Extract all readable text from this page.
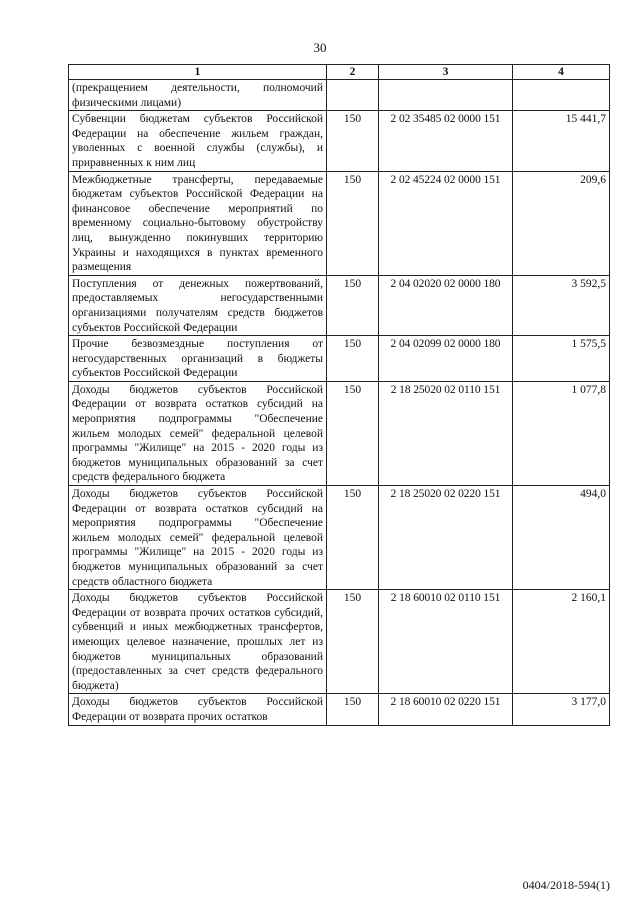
30
1	2	3	4
(прекращением деятельности, полномочий физическими лицами)			
Субвенции бюджетам субъектов Российской Федерации на обеспечение жильем граждан, уволенных с военной службы (службы), и приравненных к ним лиц	150	2 02 35485 02 0000 151	15 441,7
Межбюджетные трансферты, передаваемые бюджетам субъектов Российской Федерации на финансовое обеспечение мероприятий по временному социально-бытовому обустройству лиц, вынужденно покинувших территорию Украины и находящихся в пунктах временного размещения	150	2 02 45224 02 0000 151	209,6
Поступления от денежных пожертвований, предоставляемых негосударственными организациями получателям средств бюджетов субъектов Российской Федерации	150	2 04 02020 02 0000 180	3 592,5
Прочие безвозмездные поступления от негосударственных организаций в бюджеты субъектов Российской Федерации	150	2 04 02099 02 0000 180	1 575,5
Доходы бюджетов субъектов Российской Федерации от возврата остатков субсидий на мероприятия подпрограммы "Обеспечение жильем молодых семей" федеральной целевой программы "Жилище" на 2015 - 2020 годы из бюджетов муниципальных образований за счет средств федерального бюджета	150	2 18 25020 02 0110 151	1 077,8
Доходы бюджетов субъектов Российской Федерации от возврата остатков субсидий на мероприятия подпрограммы "Обеспечение жильем молодых семей" федеральной целевой программы "Жилище" на 2015 - 2020 годы из бюджетов муниципальных образований за счет средств областного бюджета	150	2 18 25020 02 0220 151	494,0
Доходы бюджетов субъектов Российской Федерации от возврата прочих остатков субсидий, субвенций и иных межбюджетных трансфертов, имеющих целевое назначение, прошлых лет из бюджетов муниципальных образований (предоставленных за счет средств федерального бюджета)	150	2 18 60010 02 0110 151	2 160,1
Доходы бюджетов субъектов Российской Федерации от возврата прочих остатков	150	2 18 60010 02 0220 151	3 177,0
0404/2018-594(1)
